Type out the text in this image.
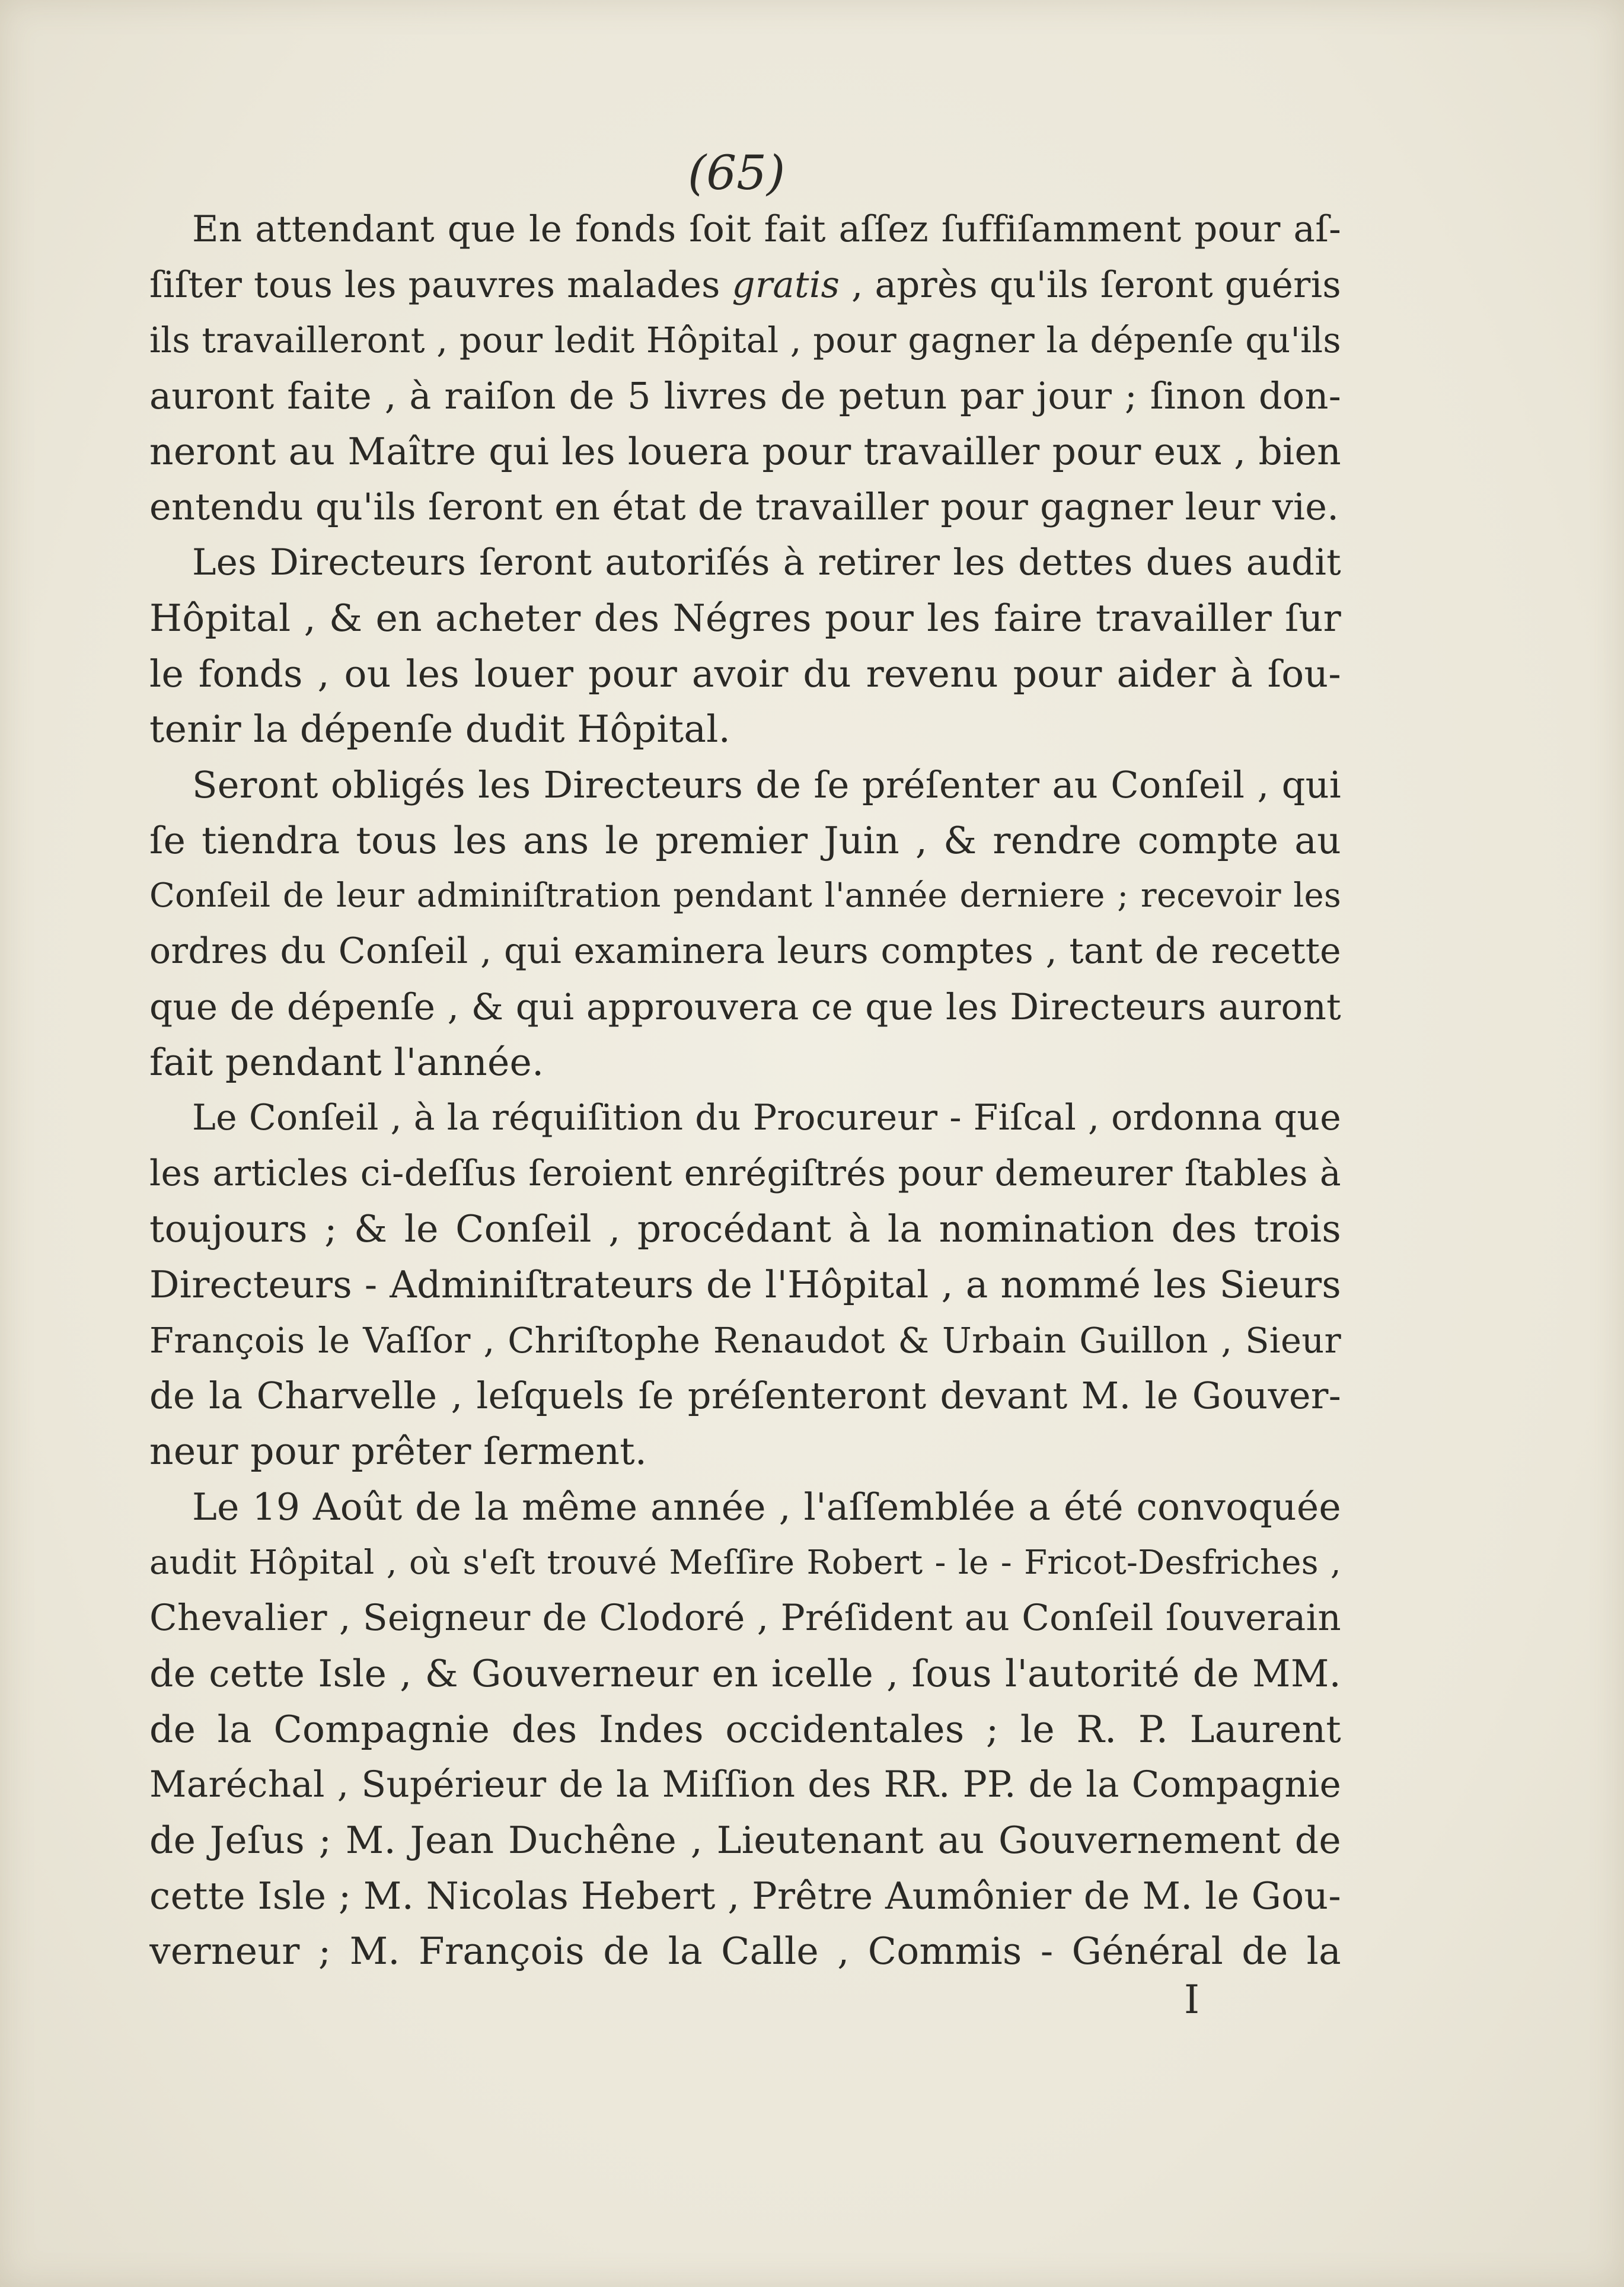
(65)
En attendant que le fonds ſoit fait aſſez ſuffiſamment pour aſ-
ſiſter tous les pauvres malades gratis , après qu'ils ſeront guéris
ils travailleront , pour ledit Hôpital , pour gagner la dépenſe qu'ils
auront faite , à raiſon de 5 livres de petun par jour ; ſinon don-
neront au Maître qui les louera pour travailler pour eux , bien
entendu qu'ils ſeront en état de travailler pour gagner leur vie.
Les Directeurs ſeront autoriſés à retirer les dettes dues audit
Hôpital , & en acheter des Négres pour les faire travailler ſur
le fonds , ou les louer pour avoir du revenu pour aider à ſou-
tenir la dépenſe dudit Hôpital.
Seront obligés les Directeurs de ſe préſenter au Conſeil , qui
ſe tiendra tous les ans le premier Juin , & rendre compte au
Conſeil de leur adminiſtration pendant l'année derniere ; recevoir les
ordres du Conſeil , qui examinera leurs comptes , tant de recette
que de dépenſe , & qui approuvera ce que les Directeurs auront
fait pendant l'année.
Le Conſeil , à la réquiſition du Procureur - Fiſcal , ordonna que
les articles ci-deſſus ſeroient enrégiſtrés pour demeurer ſtables à
toujours ; & le Conſeil , procédant à la nomination des trois
Directeurs - Adminiſtrateurs de l'Hôpital , a nommé les Sieurs
François le Vaſſor , Chriſtophe Renaudot & Urbain Guillon , Sieur
de la Charvelle , leſquels ſe préſenteront devant M. le Gouver-
neur pour prêter ſerment.
Le 19 Août de la même année , l'aſſemblée a été convoquée
audit Hôpital , où s'eſt trouvé Meſſire Robert - le - Fricot-Desfriches ,
Chevalier , Seigneur de Clodoré , Préſident au Conſeil ſouverain
de cette Isle , & Gouverneur en icelle , ſous l'autorité de MM.
de la Compagnie des Indes occidentales ; le R. P. Laurent
Maréchal , Supérieur de la Miſſion des RR. PP. de la Compagnie
de Jeſus ; M. Jean Duchêne , Lieutenant au Gouvernement de
cette Isle ; M. Nicolas Hebert , Prêtre Aumônier de M. le Gou-
verneur ; M. François de la Calle , Commis - Général de la
I
